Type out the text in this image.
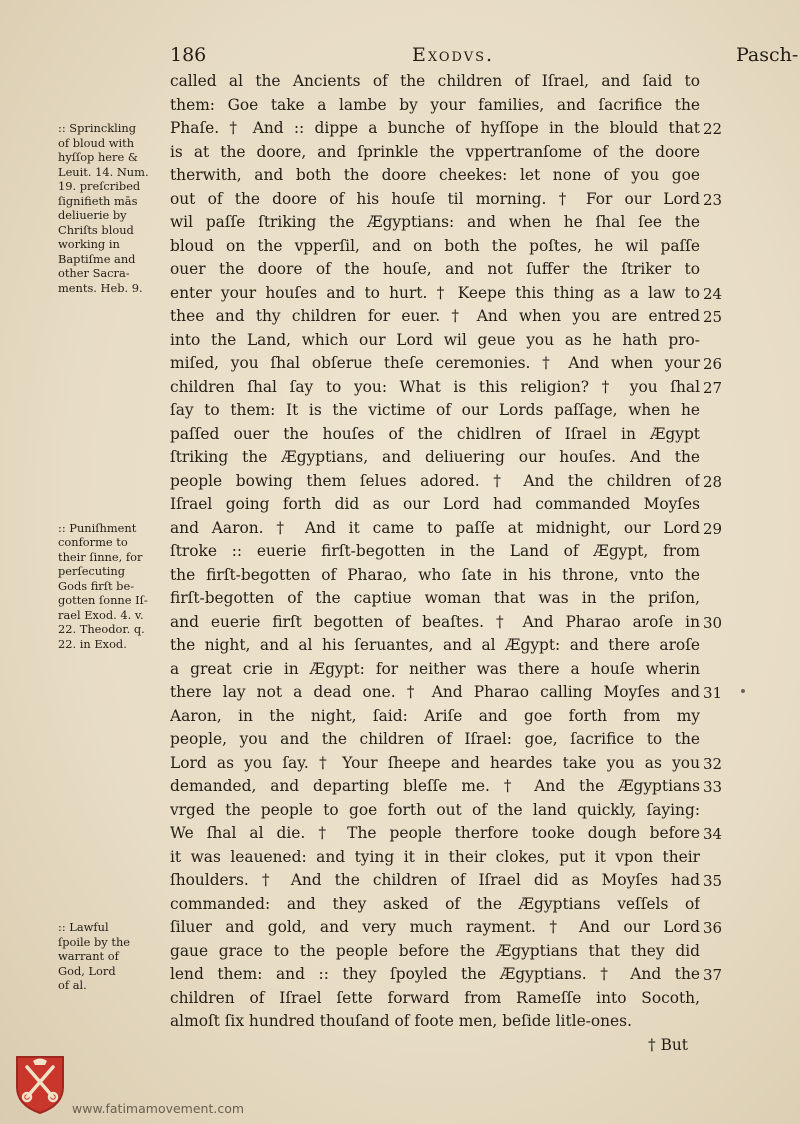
186	Exodvs.	Pasch-
:: Sprinckling
of bloud with
hyſſop here &
Leuit. 14. Num.
19. preſcribed
ſignifieth mās
deliuerie by
Chriſts bloud
working in
Baptiſme and
other Sacra-
ments. Heb. 9.
:: Puniſhment
conforme to
their ſinne, for
perſecuting
Gods firſt be-
gotten ſonne Iſ-
rael Exod. 4. v.
22. Theodor. q.
22. in Exod.
:: Lawful
ſpoile by the
warrant of
God, Lord
of al.
called al the Ancients of the children of Iſrael, and ſaid to
them: Goe take a lambe by your families, and ſacrifice the
Phaſe. † And :: dippe a bunche of hyſſope in the blould that
is at the doore, and ſprinkle the vppertranſome of the doore
therwith, and both the doore cheekes: let none of you goe
out of the doore of his houſe til morning. † For our Lord
wil paſſe ſtriking the Ægyptians: and when he ſhal ſee the
bloud on the vpperſil, and on both the poſtes, he wil paſſe
ouer the doore of the houſe, and not ſuffer the ſtriker to
enter your houſes and to hurt. † Keepe this thing as a law to
thee and thy children for euer. † And when you are entred
into the Land, which our Lord wil geue you as he hath pro-
miſed, you ſhal obſerue theſe ceremonies. † And when your
children ſhal ſay to you: What is this religion? † you ſhal
ſay to them: It is the victime of our Lords paſſage, when he
paſſed ouer the houſes of the chidlren of Iſrael in Ægypt
ſtriking the Ægyptians, and deliuering our houſes. And the
people bowing them ſelues adored. † And the children of
Iſrael going forth did as our Lord had commanded Moyſes
and Aaron. † And it came to paſſe at midnight, our Lord
ſtroke :: euerie firſt-begotten in the Land of Ægypt, from
the firſt-begotten of Pharao, who ſate in his throne, vnto the
firſt-begotten of the captiue woman that was in the priſon,
and euerie firſt begotten of beaſtes. † And Pharao aroſe in
the night, and al his ſeruantes, and al Ægypt: and there aroſe
a great crie in Ægypt: for neither was there a houſe wherin
there lay not a dead one. † And Pharao calling Moyſes and
Aaron, in the night, ſaid: Ariſe and goe forth from my
people, you and the children of Iſrael: goe, ſacrifice to the
Lord as you ſay. † Your ſheepe and heardes take you as you
demanded, and departing bleſſe me. † And the Ægyptians
vrged the people to goe forth out of the land quickly, ſaying:
We ſhal al die. † The people therfore tooke dough before
it was leauened: and tying it in their clokes, put it vpon their
ſhoulders. † And the children of Iſrael did as Moyſes had
commanded: and they asked of the Ægyptians veſſels of
ſiluer and gold, and very much rayment. † And our Lord
gaue grace to the people before the Ægyptians that they did
lend them: and :: they ſpoyled the Ægyptians. † And the
children of Iſrael ſette forward from Rameſſe into Socoth,
almoſt ſix hundred thouſand of foote men, beſide litle-ones.
† But
22
23
24
25
26
27
28
29
30
31
32
33
34
35
36
37
www.fatimamovement.com
